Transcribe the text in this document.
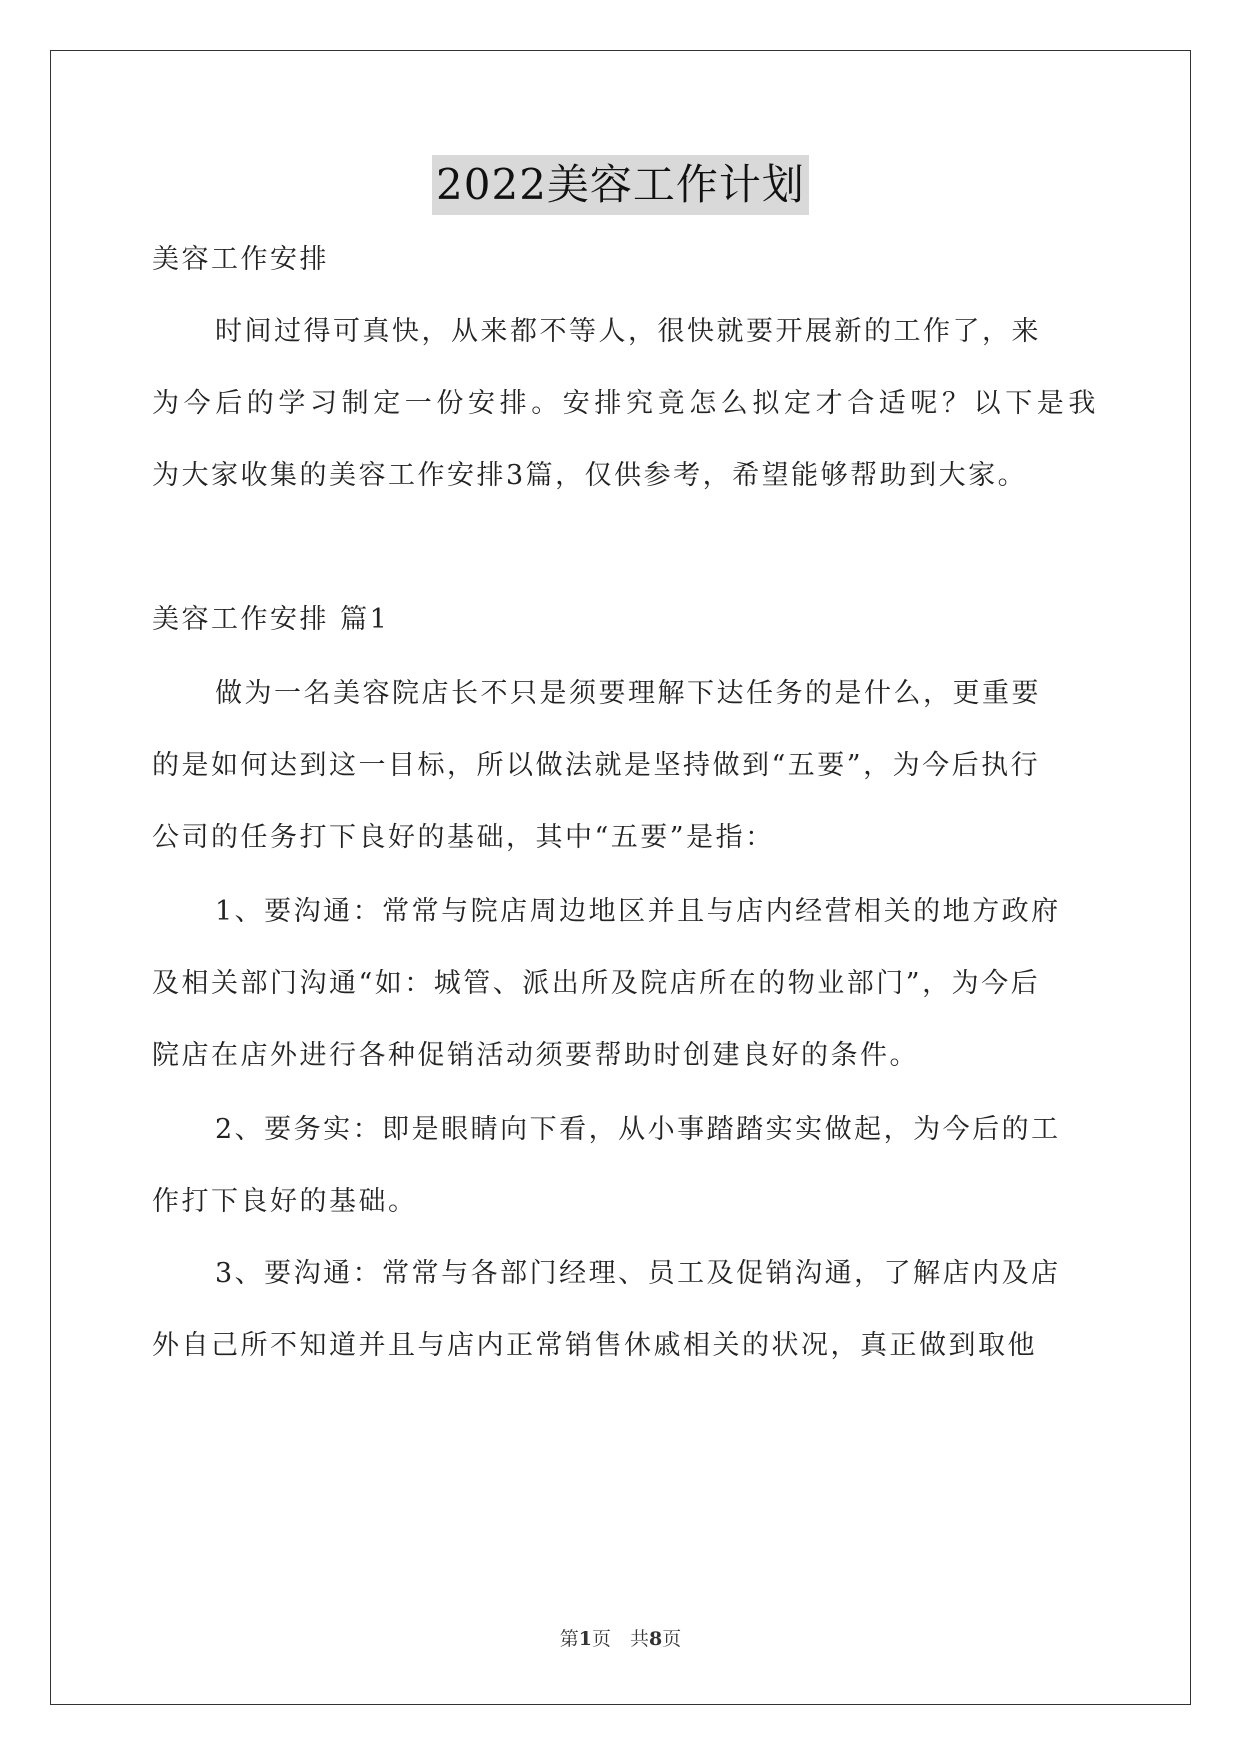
2022美容工作计划
美容工作安排
时间过得可真快，从来都不等人，很快就要开展新的工作了，来
为今后的学习制定一份安排。安排究竟怎么拟定才合适呢？以下是我
为大家收集的美容工作安排3篇，仅供参考，希望能够帮助到大家。
美容工作安排 篇1
做为一名美容院店长不只是须要理解下达任务的是什么，更重要
的是如何达到这一目标，所以做法就是坚持做到“五要”，为今后执行
公司的任务打下良好的基础，其中“五要”是指：
1、要沟通：常常与院店周边地区并且与店内经营相关的地方政府
及相关部门沟通“如：城管、派出所及院店所在的物业部门”，为今后
院店在店外进行各种促销活动须要帮助时创建良好的条件。
2、要务实：即是眼睛向下看，从小事踏踏实实做起，为今后的工
作打下良好的基础。
3、要沟通：常常与各部门经理、员工及促销沟通，了解店内及店
外自己所不知道并且与店内正常销售休戚相关的状况，真正做到取他
第1页　共8页
